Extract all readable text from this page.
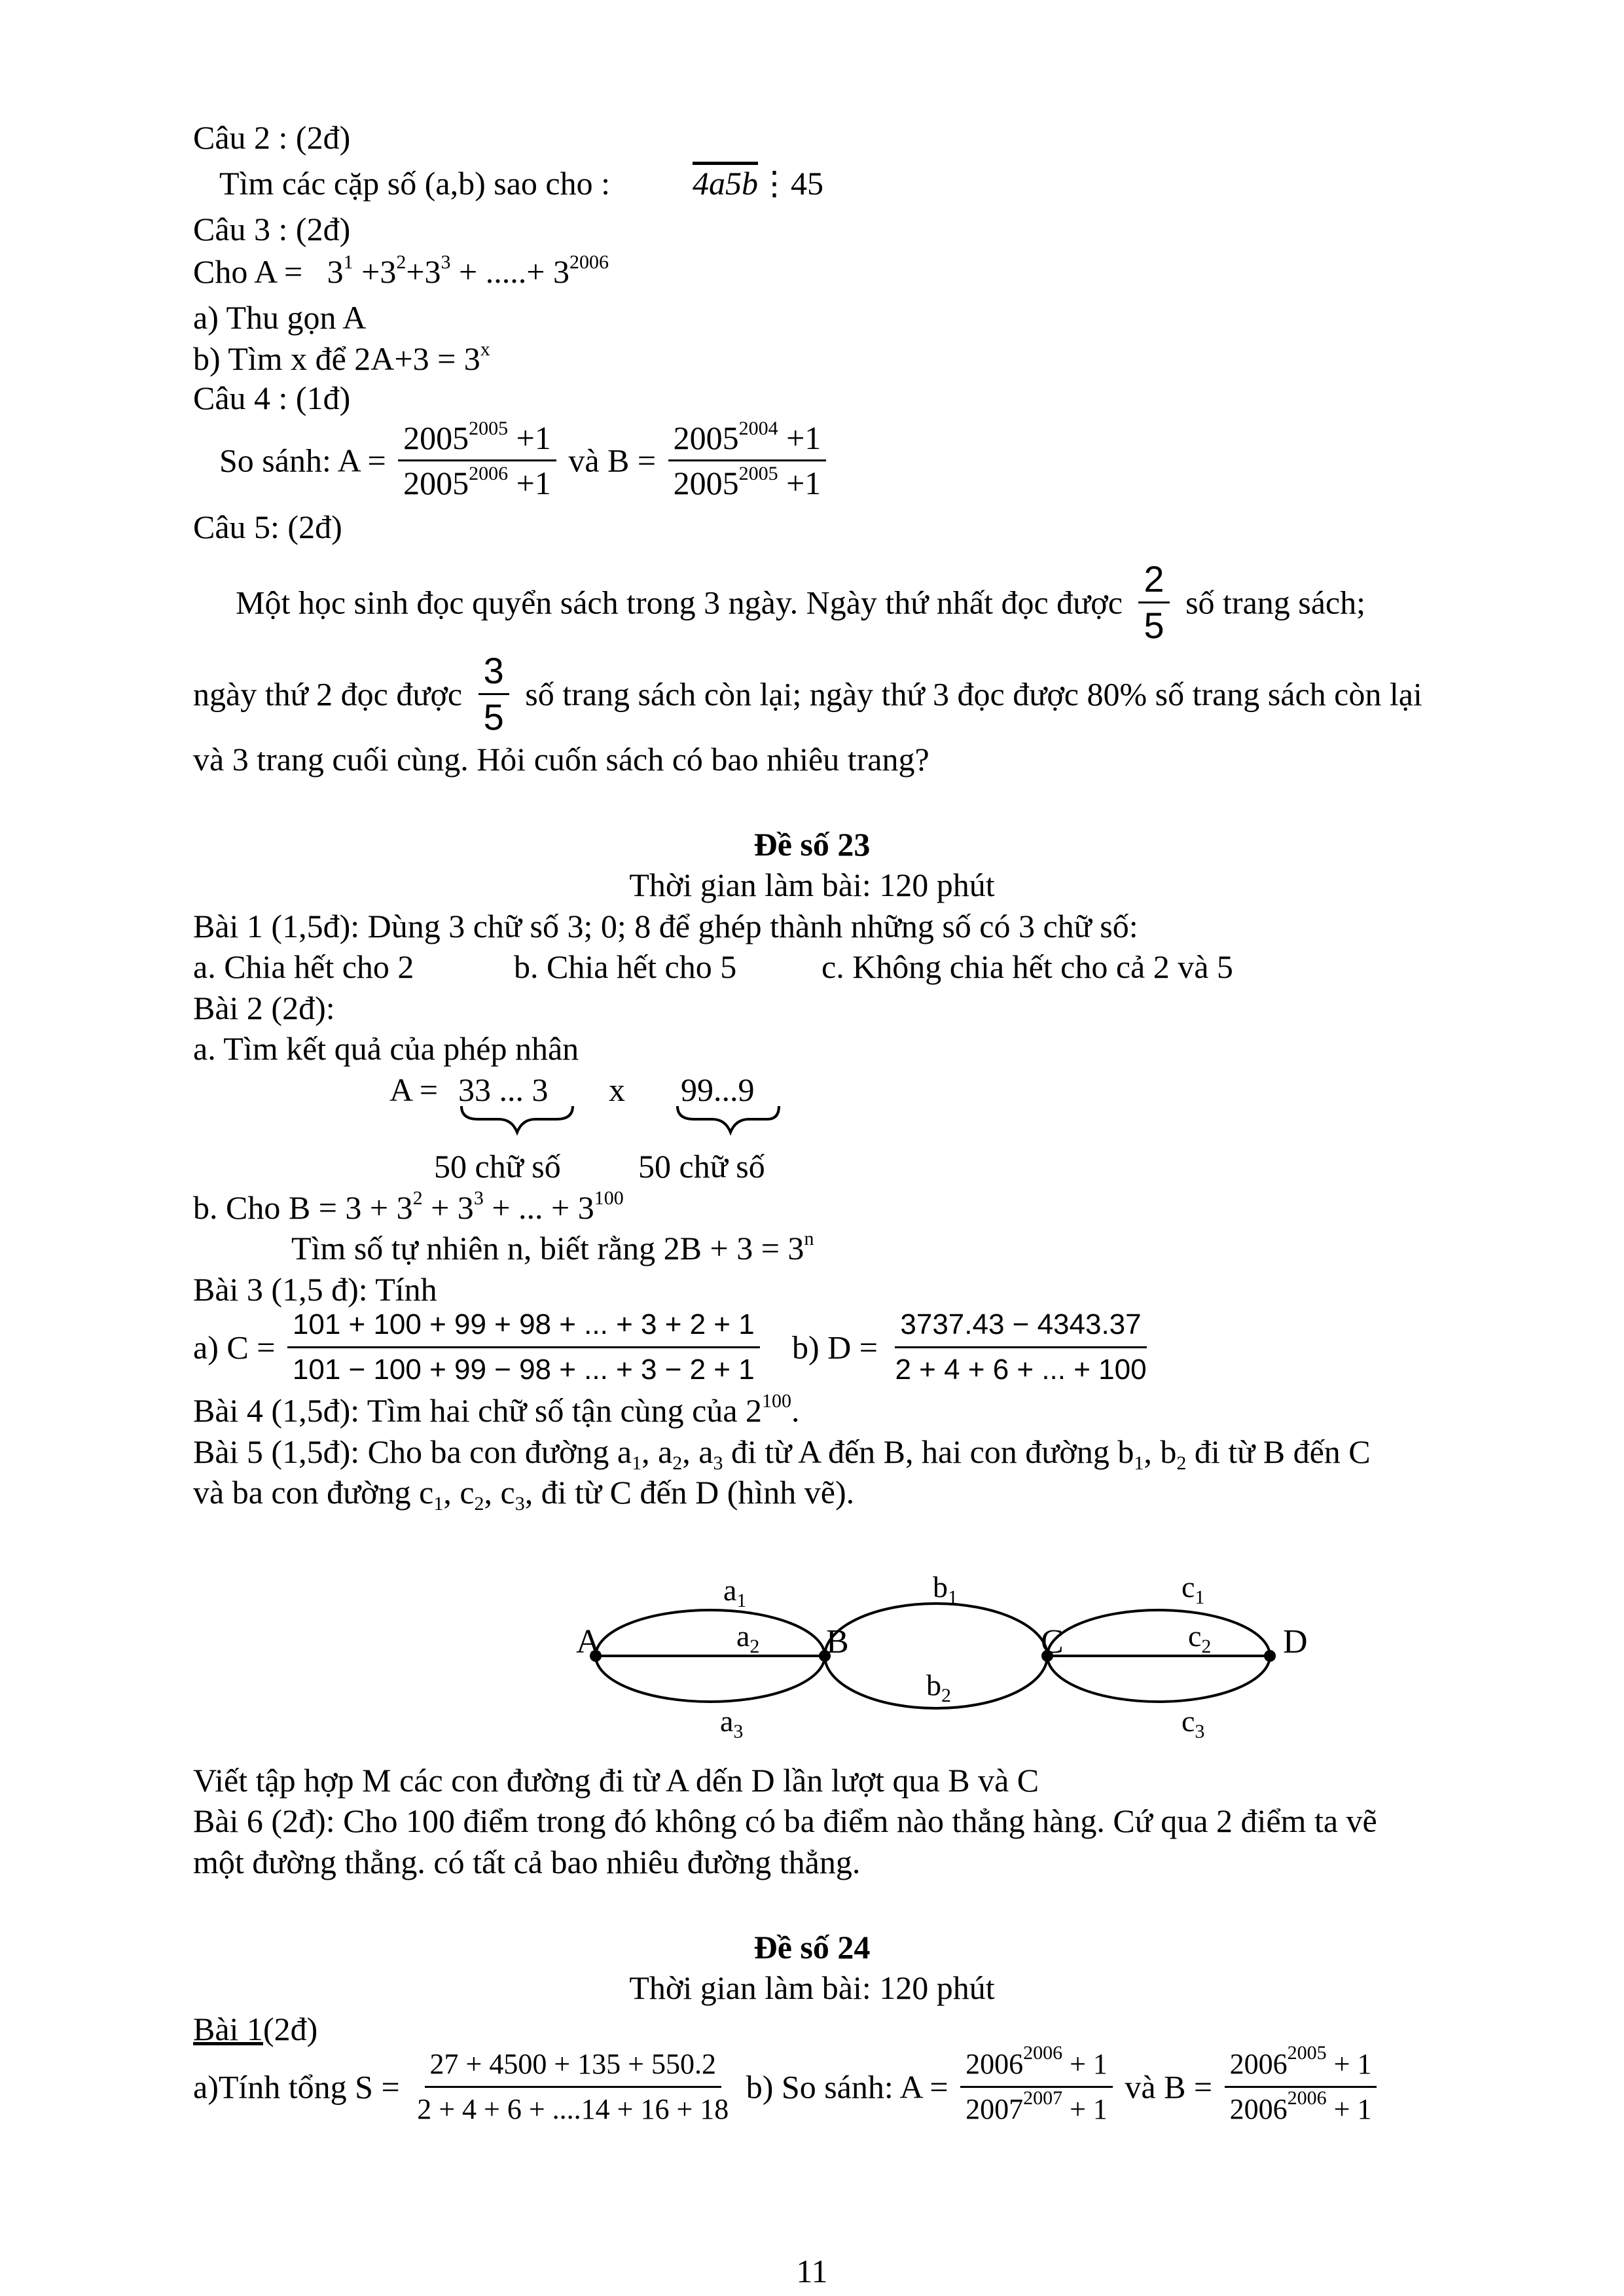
Câu 2 : (2đ)
Tìm các cặp số (a,b) sao cho :	4a5b⋮45
Câu 3 : (2đ)
Cho $A = 3^1 +3^2+3^3$ + .....+ $3^{2006}$
a) Thu gọn A
b) Tìm x để $2A+3 = 3^x$
Câu 4 : (1đ)
So sánh: $A = \frac{2005^{2005} +1}{2005^{2006} +1}$ và $B = \frac{2005^{2004} +1}{2005^{2005} +1}$
Câu 5: (2đ)
Một học sinh đọc quyển sách trong 3 ngày. Ngày thứ nhất đọc được $\frac{2}{5}$ số trang sách;
ngày thứ 2 đọc được $\frac{3}{5}$ số trang sách còn lại; ngày thứ 3 đọc được 80% số trang sách còn lại
và 3 trang cuối cùng. Hỏi cuốn sách có bao nhiêu trang?
Đề số 23
Thời gian làm bài: 120 phút
Bài 1 (1,5đ): Dùng 3 chữ số 3; 0; 8 để ghép thành những số có 3 chữ số:
a. Chia hết cho 2	b. Chia hết cho 5	c. Không chia hết cho cả 2 và 5
Bài 2 (2đ):
a. Tìm kết quả của phép nhân
A = 33 ... 3 x 99...9
50 chữ số 50 chữ số
b. Cho $B = 3 + 3^2 + 3^3$ + ... + $3^{100}$
Tìm số tự nhiên n, biết rằng $2B + 3 = 3^n$
Bài 3 (1,5 đ): Tính
a) $C = \frac{101 + 100 + 99 + 98 + ... + 3 + 2 + 1}{101 - 100 + 99 - 98 + ... + 3 - 2 + 1} b$) $D = \frac{3737.43 - 4343.37}{2 + 4 + 6 + ... + 100}$
Bài 4 (1,5đ): Tìm hai chữ số tận cùng của $2^{100}$.
Bài 5 (1,5đ): Cho ba con đường $a_1$, $a_2$, $a_3$ đi từ A đến B, hai con đường $b_1$, $b_2$ đi từ B đến C
và ba con đường $c_1$, $c_2$, $c_3$, đi từ C đến D (hình vẽ).
A	B	C	D
$a_1$
$a_2$
$a_3$
$b_1$
$b_2$
$c_1$
$c_2$
$c_3$
Viết tập hợp M các con đường đi từ A dến D lần lượt qua B và C
Bài 6 (2đ): Cho 100 điểm trong đó không có ba điểm nào thẳng hàng. Cứ qua 2 điểm ta vẽ
một đường thẳng. có tất cả bao nhiêu đường thẳng.
Đề số 24
Thời gian làm bài: 120 phút
Bài 1(2đ)
a)Tính tổng $S = \frac{27 + 4500 + 135 + 550.2}{2 + 4 + 6 + ....14 + 16 + 18} b$) So sánh: $A = \frac{2006^{2006} + 1}{2007^{2007} + 1}$ và $B = \frac{2006^{2005} + 1}{2006^{2006} + 1}$
11
